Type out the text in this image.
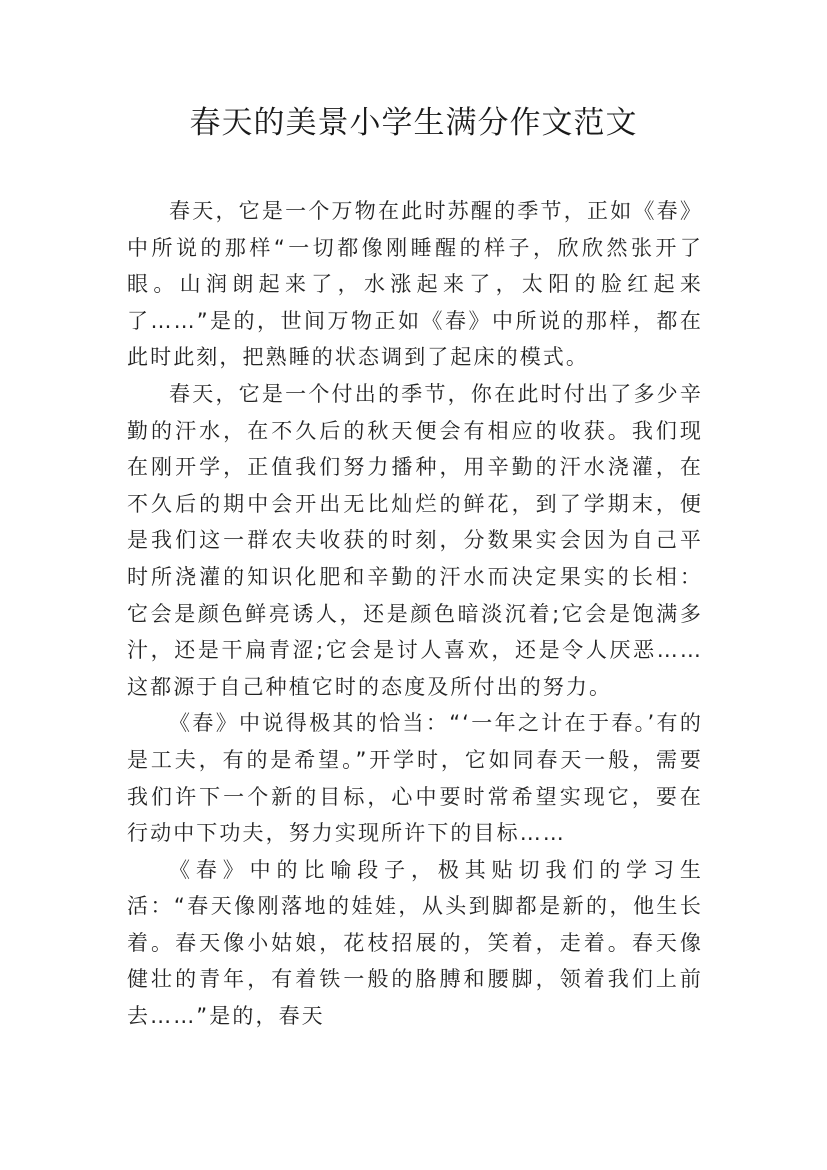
春天的美景小学生满分作文范文

春天，它是一个万物在此时苏醒的季节，正如《春》中所说的那样“一切都像刚睡醒的样子，欣欣然张开了眼。山润朗起来了，水涨起来了，太阳的脸红起来了……”是的，世间万物正如《春》中所说的那样，都在此时此刻，把熟睡的状态调到了起床的模式。

春天，它是一个付出的季节，你在此时付出了多少辛勤的汗水，在不久后的秋天便会有相应的收获。我们现在刚开学，正值我们努力播种，用辛勤的汗水浇灌，在不久后的期中会开出无比灿烂的鲜花，到了学期末，便是我们这一群农夫收获的时刻，分数果实会因为自己平时所浇灌的知识化肥和辛勤的汗水而决定果实的长相：它会是颜色鲜亮诱人，还是颜色暗淡沉着;它会是饱满多汁，还是干扁青涩;它会是讨人喜欢，还是令人厌恶……这都源于自己种植它时的态度及所付出的努力。

《春》中说得极其的恰当：“‘一年之计在于春。’有的是工夫，有的是希望。”开学时，它如同春天一般，需要我们许下一个新的目标，心中要时常希望实现它，要在行动中下功夫，努力实现所许下的目标……

《春》中的比喻段子，极其贴切我们的学习生活：“春天像刚落地的娃娃，从头到脚都是新的，他生长着。春天像小姑娘，花枝招展的，笑着，走着。春天像健壮的青年，有着铁一般的胳膊和腰脚，领着我们上前去……”是的，春天
